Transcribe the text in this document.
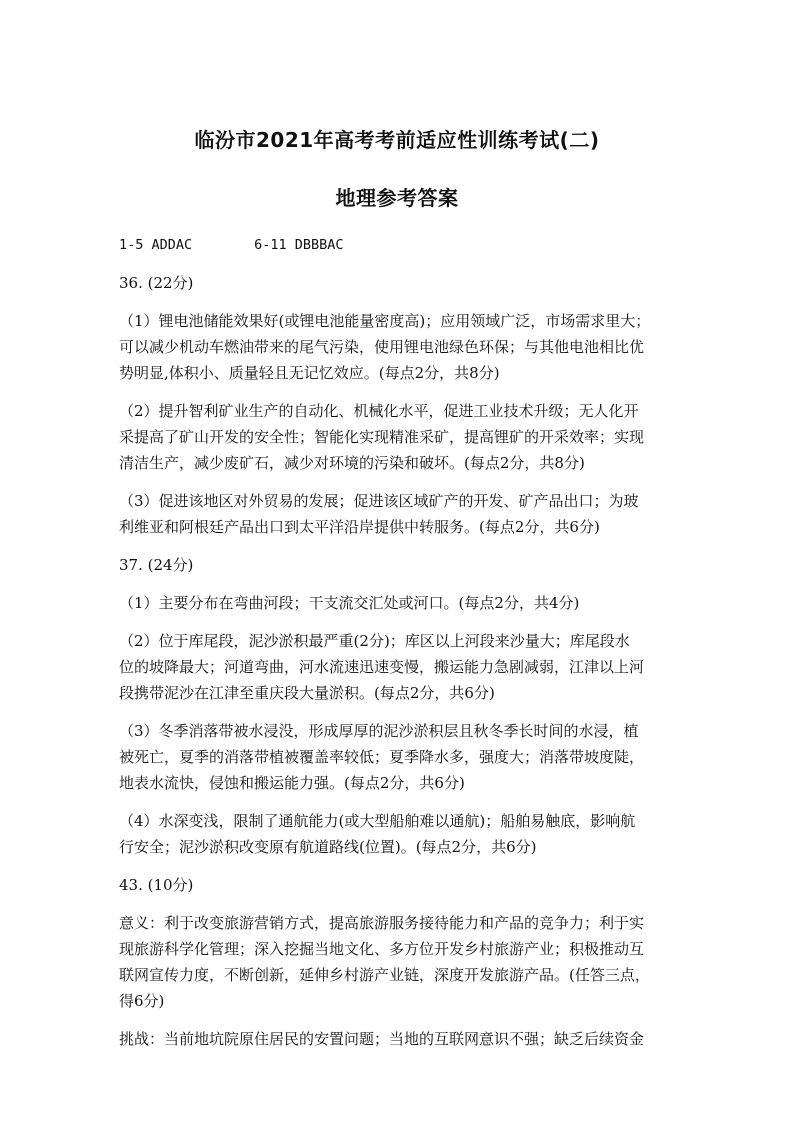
临汾市2021年高考考前适应性训练考试(二)
地理参考答案
1-5 ADDAC	6-11 DBBBAC
36. (22分)
（1）锂电池储能效果好(或锂电池能量密度高)；应用领域广泛，市场需求里大；
可以减少机动车燃油带来的尾气污染，使用锂电池绿色环保；与其他电池相比优
势明显,体积小、质量轻且无记忆效应。(每点2分，共8分)
（2）提升智利矿业生产的自动化、机械化水平，促进工业技术升级；无人化开
采提高了矿山开发的安全性；智能化实现精准采矿，提高锂矿的开采效率；实现
清洁生产，减少废矿石，减少对环境的污染和破坏。(每点2分，共8分)
（3）促进该地区对外贸易的发展；促进该区域矿产的开发、矿产品出口；为玻
利维亚和阿根廷产品出口到太平洋沿岸提供中转服务。(每点2分，共6分)
37. (24分)
（1）主要分布在弯曲河段；干支流交汇处或河口。(每点2分，共4分)
（2）位于库尾段，泥沙淤积最严重(2分)；库区以上河段来沙量大；库尾段水
位的坡降最大；河道弯曲，河水流速迅速变慢，搬运能力急剧减弱，江津以上河
段携带泥沙在江津至重庆段大量淤积。(每点2分，共6分)
（3）冬季消落带被水浸没，形成厚厚的泥沙淤积层且秋冬季长时间的水浸，植
被死亡，夏季的消落带植被覆盖率较低；夏季降水多，强度大；消落带坡度陡，
地表水流快，侵蚀和搬运能力强。(每点2分，共6分)
（4）水深变浅，限制了通航能力(或大型船舶难以通航)；船舶易触底，影响航
行安全；泥沙淤积改变原有航道路线(位置)。(每点2分，共6分)
43. (10分)
意义：利于改变旅游营销方式，提高旅游服务接待能力和产品的竞争力；利于实
现旅游科学化管理；深入挖掘当地文化、多方位开发乡村旅游产业；积极推动互
联网宣传力度，不断创新，延伸乡村游产业链，深度开发旅游产品。(任答三点，
得6分)
挑战：当前地坑院原住居民的安置问题；当地的互联网意识不强；缺乏后续资金
